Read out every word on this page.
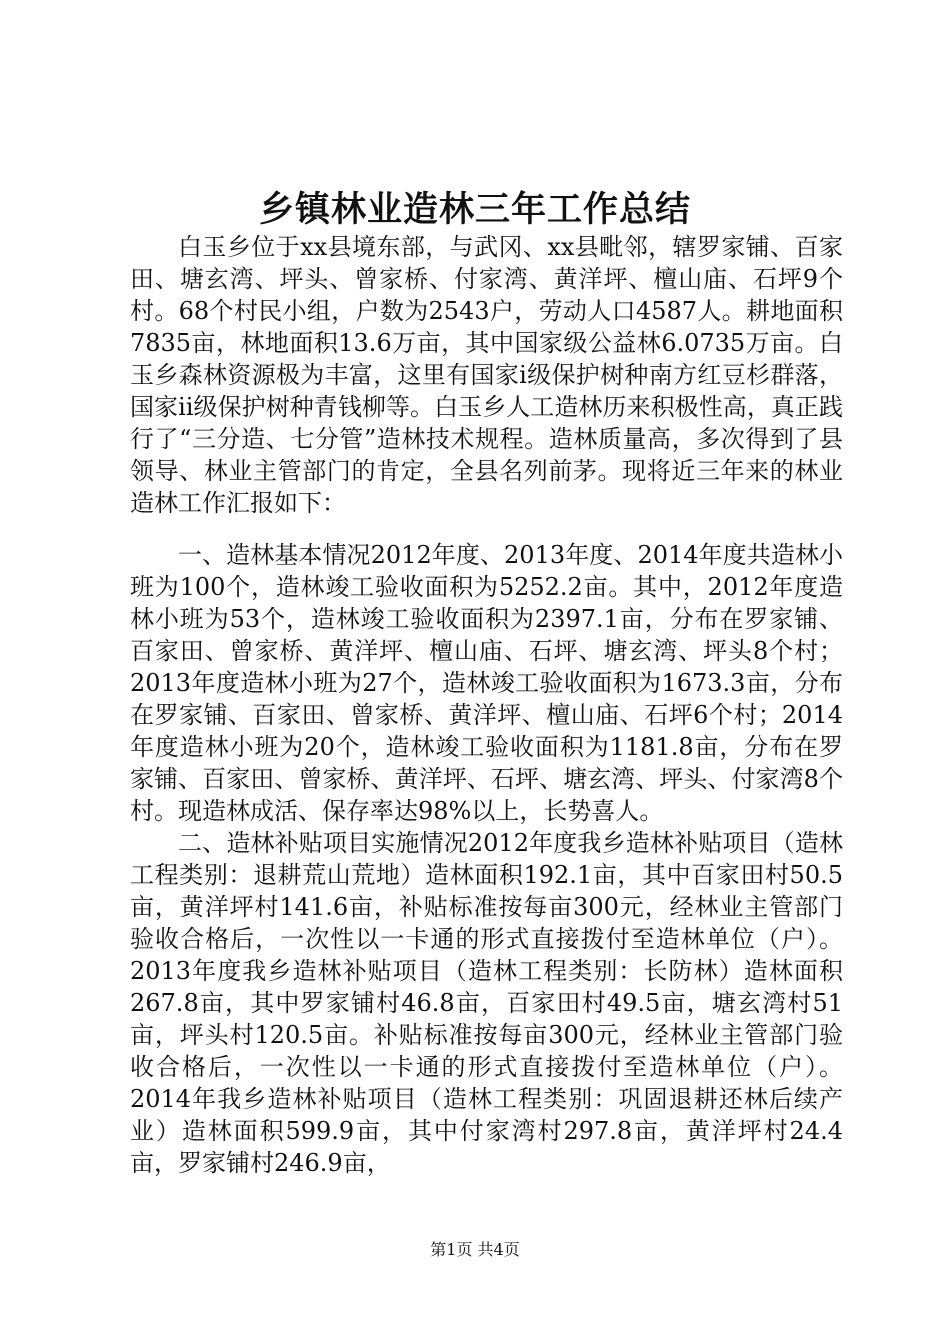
乡镇林业造林三年工作总结

白玉乡位于xx县境东部，与武冈、xx县毗邻，辖罗家铺、百家田、塘玄湾、坪头、曾家桥、付家湾、黄洋坪、檀山庙、石坪9个村。68个村民小组，户数为2543户，劳动人口4587人。耕地面积7835亩，林地面积13.6万亩，其中国家级公益林6.0735万亩。白玉乡森林资源极为丰富，这里有国家ⅰ级保护树种南方红豆杉群落，国家ⅱ级保护树种青钱柳等。白玉乡人工造林历来积极性高，真正践行了“三分造、七分管”造林技术规程。造林质量高，多次得到了县领导、林业主管部门的肯定，全县名列前茅。现将近三年来的林业造林工作汇报如下：

一、造林基本情况2012年度、2013年度、2014年度共造林小班为100个，造林竣工验收面积为5252.2亩。其中，2012年度造林小班为53个，造林竣工验收面积为2397.1亩，分布在罗家铺、百家田、曾家桥、黄洋坪、檀山庙、石坪、塘玄湾、坪头8个村；2013年度造林小班为27个，造林竣工验收面积为1673.3亩，分布在罗家铺、百家田、曾家桥、黄洋坪、檀山庙、石坪6个村；2014年度造林小班为20个，造林竣工验收面积为1181.8亩，分布在罗家铺、百家田、曾家桥、黄洋坪、石坪、塘玄湾、坪头、付家湾8个村。现造林成活、保存率达98%以上，长势喜人。

二、造林补贴项目实施情况2012年度我乡造林补贴项目（造林工程类别：退耕荒山荒地）造林面积192.1亩，其中百家田村50.5亩，黄洋坪村141.6亩，补贴标准按每亩300元，经林业主管部门验收合格后，一次性以一卡通的形式直接拨付至造林单位（户）。2013年度我乡造林补贴项目（造林工程类别：长防林）造林面积267.8亩，其中罗家铺村46.8亩，百家田村49.5亩，塘玄湾村51亩，坪头村120.5亩。补贴标准按每亩300元，经林业主管部门验收合格后，一次性以一卡通的形式直接拨付至造林单位（户）。2014年我乡造林补贴项目（造林工程类别：巩固退耕还林后续产业）造林面积599.9亩，其中付家湾村297.8亩，黄洋坪村24.4亩，罗家铺村246.9亩，

第1页 共4页
